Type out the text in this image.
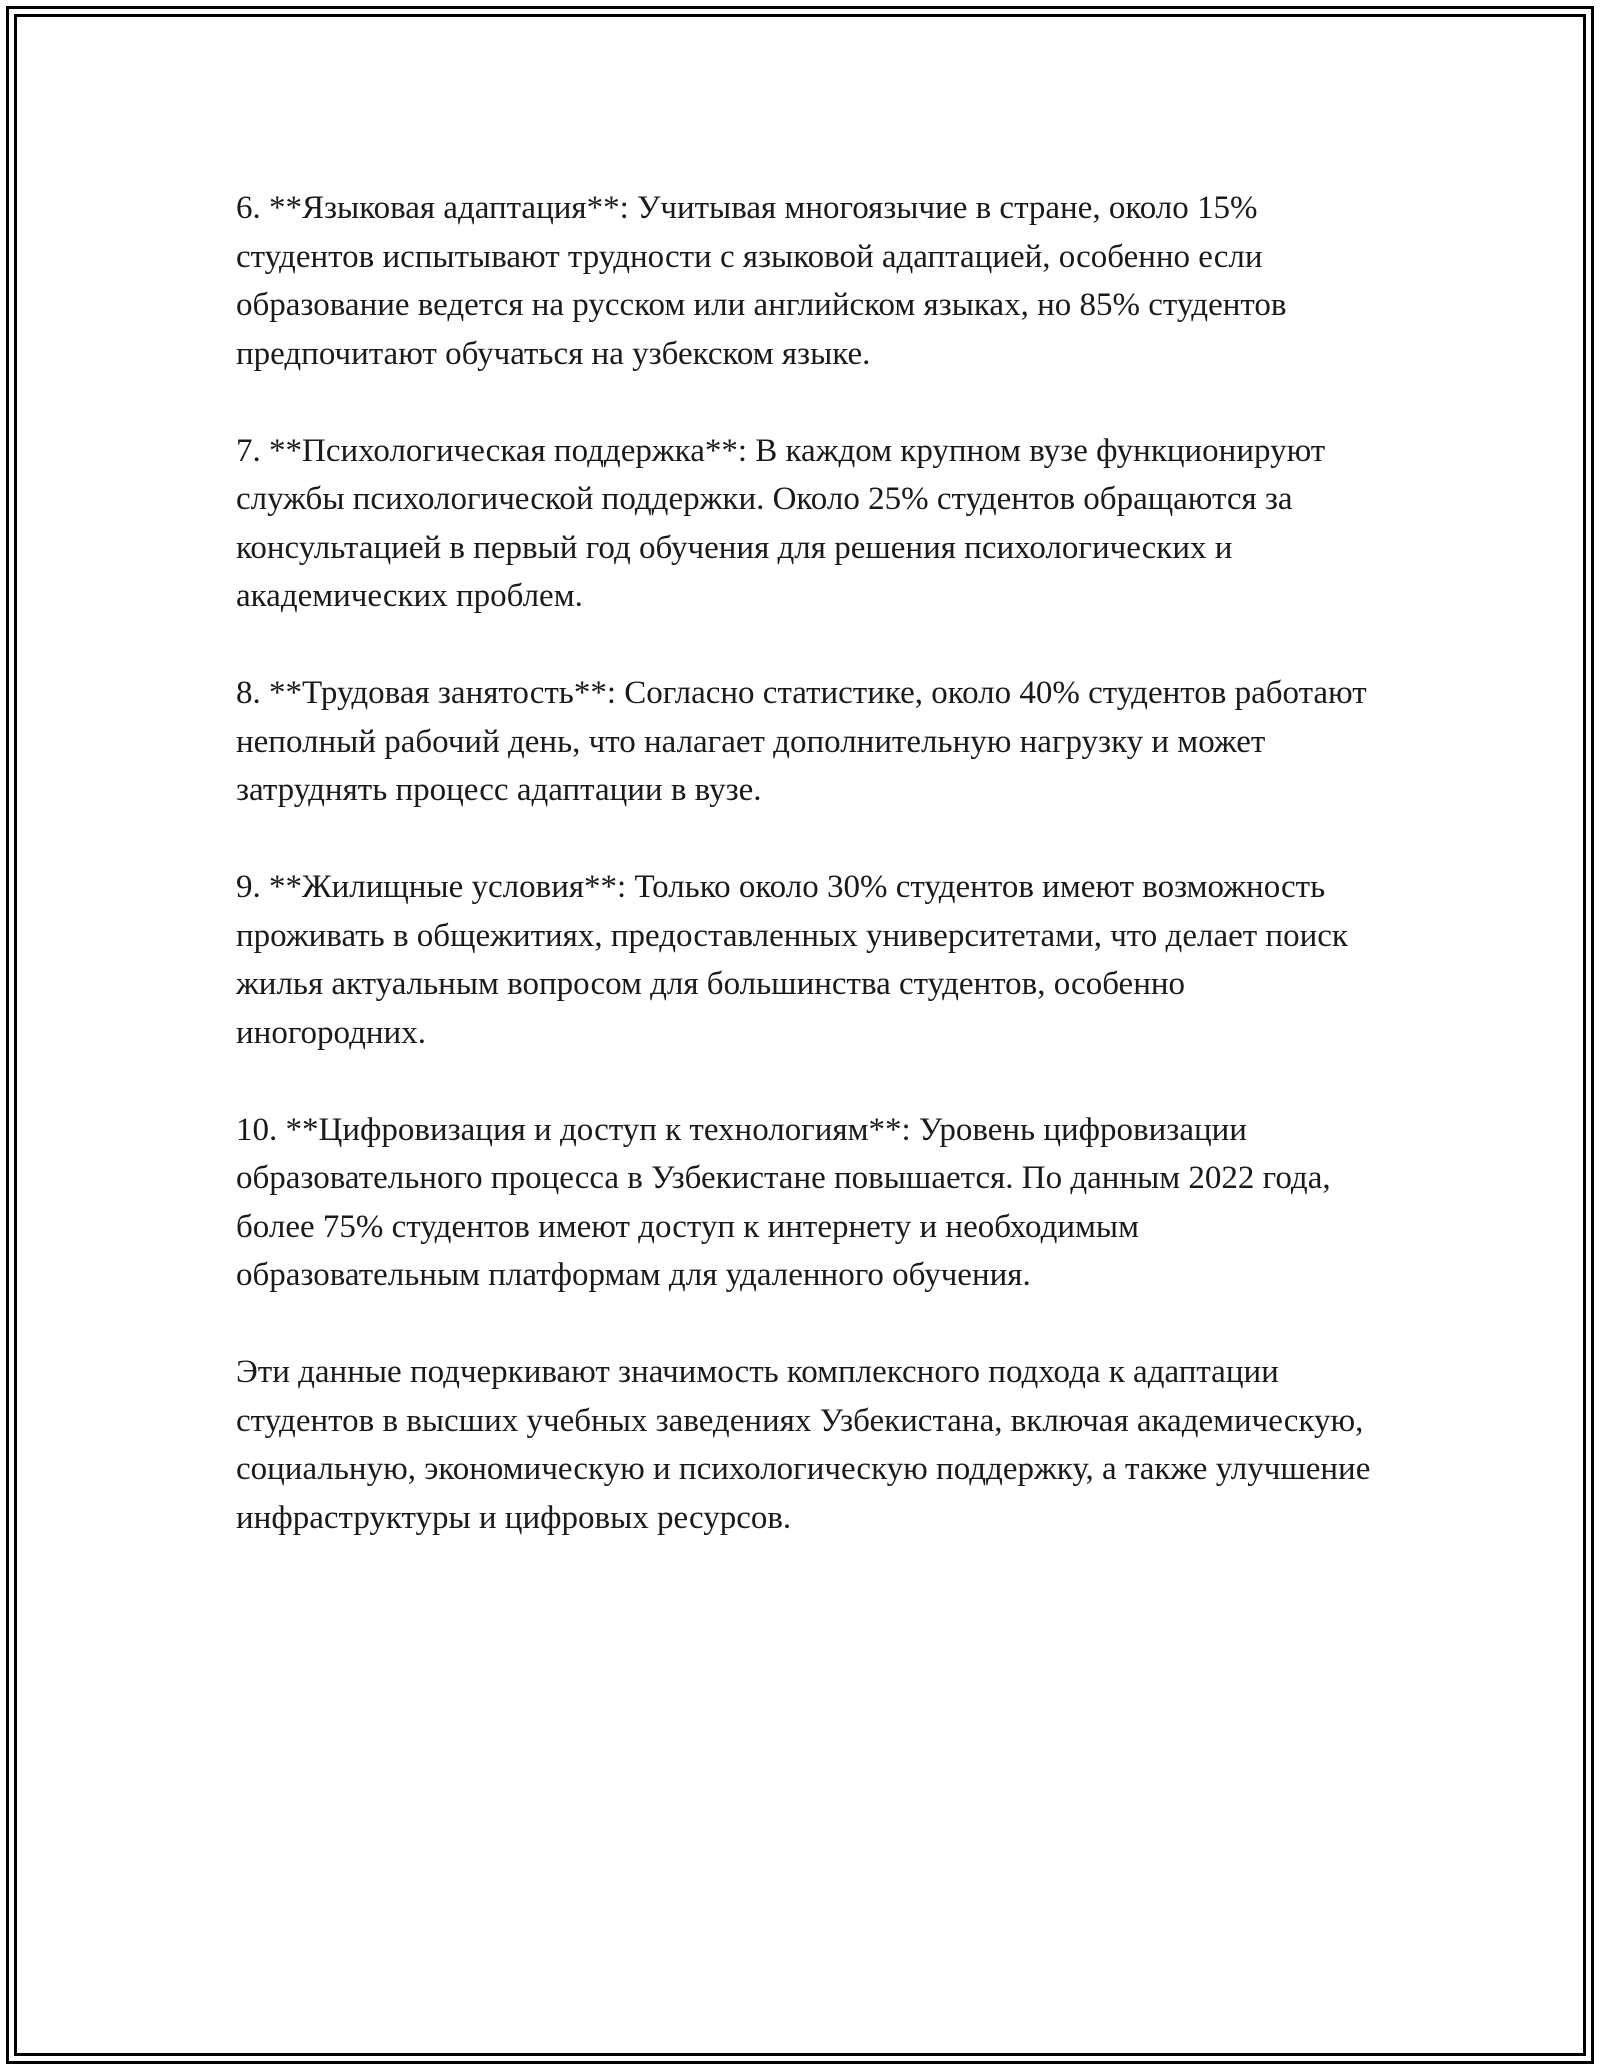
6. **Языковая адаптация**: Учитывая многоязычие в стране, около 15% студентов испытывают трудности с языковой адаптацией, особенно если образование ведется на русском или английском языках, но 85% студентов предпочитают обучаться на узбекском языке.

7. **Психологическая поддержка**: В каждом крупном вузе функционируют службы психологической поддержки. Около 25% студентов обращаются за консультацией в первый год обучения для решения психологических и академических проблем.

8. **Трудовая занятость**: Согласно статистике, около 40% студентов работают неполный рабочий день, что налагает дополнительную нагрузку и может затруднять процесс адаптации в вузе.

9. **Жилищные условия**: Только около 30% студентов имеют возможность проживать в общежитиях, предоставленных университетами, что делает поиск жилья актуальным вопросом для большинства студентов, особенно иногородних.

10. **Цифровизация и доступ к технологиям**: Уровень цифровизации образовательного процесса в Узбекистане повышается. По данным 2022 года, более 75% студентов имеют доступ к интернету и необходимым образовательным платформам для удаленного обучения.

Эти данные подчеркивают значимость комплексного подхода к адаптации студентов в высших учебных заведениях Узбекистана, включая академическую, социальную, экономическую и психологическую поддержку, а также улучшение инфраструктуры и цифровых ресурсов.
